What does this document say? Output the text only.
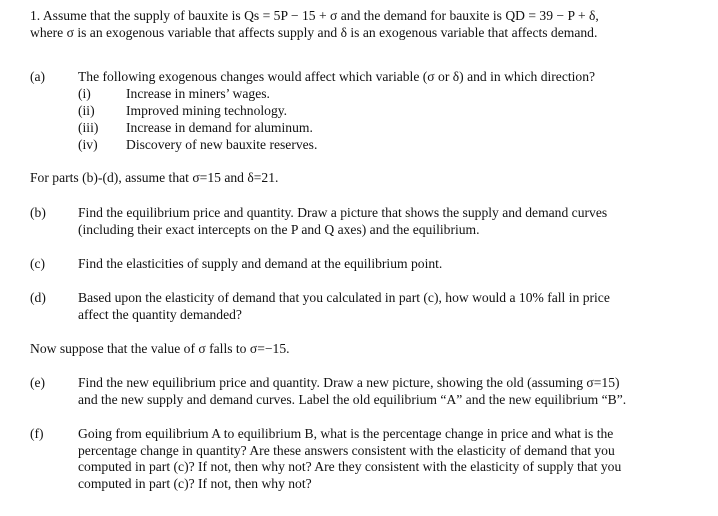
1. Assume that the supply of bauxite is Qs = 5P − 15 + σ and the demand for bauxite is QD = 39 − P + δ,

where σ is an exogenous variable that affects supply and δ is an exogenous variable that affects demand.

(a) The following exogenous changes would affect which variable (σ or δ) and in which direction?
(i)	Increase in miners’ wages.
(ii) Improved mining technology.
(iii) Increase in demand for aluminum.
(iv) Discovery of new bauxite reserves.
For parts (b)-(d), assume that σ=15 and δ=21.
(b) Find the equilibrium price and quantity. Draw a picture that shows the supply and demand curves

(including their exact intercepts on the P and Q axes) and the equilibrium.

(c) Find the elasticities of supply and demand at the equilibrium point.

(d) Based upon the elasticity of demand that you calculated in part (c), how would a 10% fall in price

affect the quantity demanded?

Now suppose that the value of σ falls to σ=−15.
(e) Find the new equilibrium price and quantity. Draw a new picture, showing the old (assuming σ=15)

and the new supply and demand curves. Label the old equilibrium “A” and the new equilibrium “B”.

(f)	Going from equilibrium A to equilibrium B, what is the percentage change in price and what is the

percentage change in quantity? Are these answers consistent with the elasticity of demand that you

computed in part (c)? If not, then why not? Are they consistent with the elasticity of supply that you

computed in part (c)? If not, then why not?
